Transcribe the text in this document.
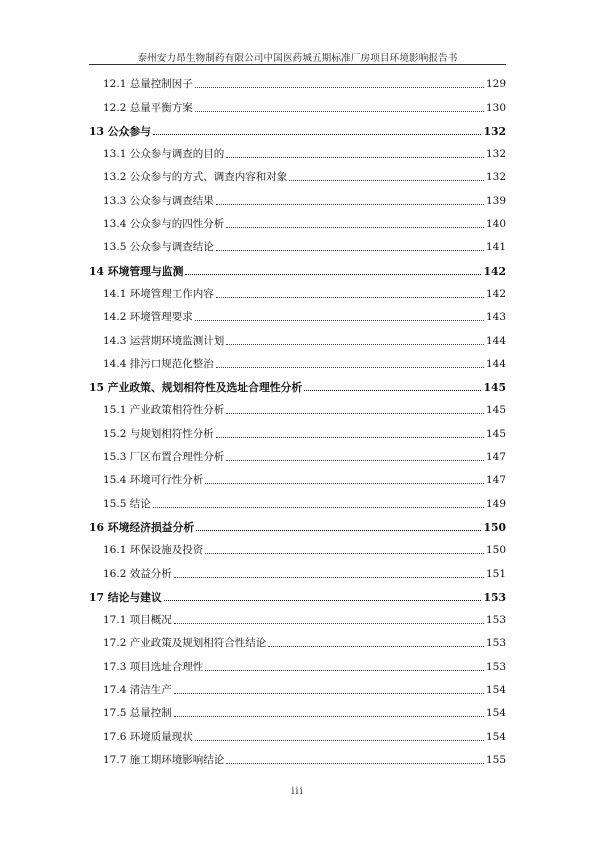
泰州安力昂生物制药有限公司中国医药城五期标准厂房项目环境影响报告书
12.1 总量控制因子	129
12.2 总量平衡方案	130
13 公众参与	132
13.1 公众参与调查的目的	132
13.2 公众参与的方式、调查内容和对象	132
13.3 公众参与调查结果	139
13.4 公众参与的四性分析	140
13.5 公众参与调查结论	141
14 环境管理与监测	142
14.1 环境管理工作内容	142
14.2 环境管理要求	143
14.3 运营期环境监测计划	144
14.4 排污口规范化整治	144
15 产业政策、规划相符性及选址合理性分析	145
15.1 产业政策相符性分析	145
15.2 与规划相符性分析	145
15.3 厂区布置合理性分析	147
15.4 环境可行性分析	147
15.5 结论	149
16 环境经济损益分析	150
16.1 环保设施及投资	150
16.2 效益分析	151
17 结论与建议	153
17.1 项目概况	153
17.2 产业政策及规划相符合性结论	153
17.3 项目选址合理性	153
17.4 清洁生产	154
17.5 总量控制	154
17.6 环境质量现状	154
17.7 施工期环境影响结论	155
iii
